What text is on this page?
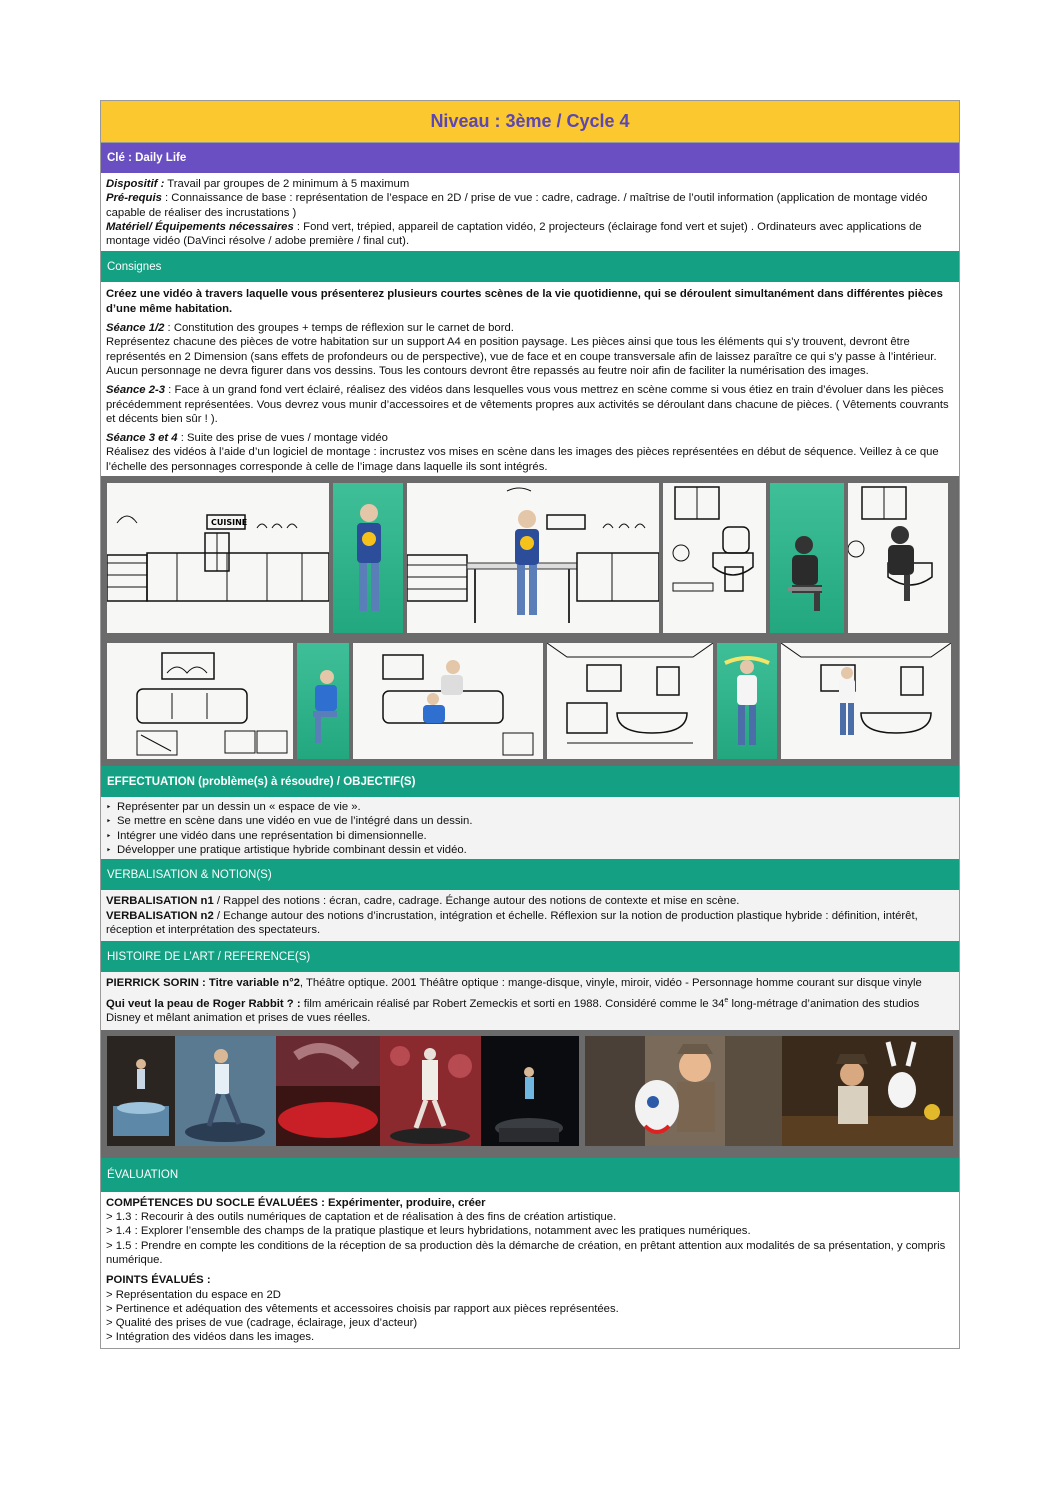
Niveau : 3ème / Cycle 4
Clé : Daily Life

Dispositif : Travail par groupes de 2 minimum à 5 maximum

Pré-requis : Connaissance de base : représentation de l’espace en 2D / prise de vue : cadre, cadrage. / maîtrise de l’outil information (application de montage vidéo capable de réaliser des incrustations )

Matériel/ Équipements nécessaires : Fond vert, trépied, appareil de captation vidéo, 2 projecteurs (éclairage fond vert et sujet) . Ordinateurs avec applications de montage vidéo (DaVinci résolve / adobe première / final cut).

Consignes

Créez une vidéo à travers laquelle vous présenterez plusieurs courtes scènes de la vie quotidienne, qui se déroulent simultanément dans différentes pièces d’une même habitation.

Séance 1/2 : Constitution des groupes + temps de réflexion sur le carnet de bord.

Représentez chacune des pièces de votre habitation sur un support A4 en position paysage. Les pièces ainsi que tous les éléments qui s’y trouvent, devront être représentés en 2 Dimension (sans effets de profondeurs ou de perspective), vue de face et en coupe transversale afin de laissez paraître ce qui s’y passe à l’intérieur.

Aucun personnage ne devra figurer dans vos dessins. Tous les contours devront être repassés au feutre noir afin de faciliter la numérisation des images.

Séance 2-3 : Face à un grand fond vert éclairé, réalisez des vidéos dans lesquelles vous vous mettrez en scène comme si vous étiez en train d’évoluer dans les pièces précédemment représentées. Vous devrez vous munir d’accessoires et de vêtements propres aux activités se déroulant dans chacune de pièces. ( Vêtements couvrants et décents bien sûr ! ).

Séance 3 et 4 : Suite des prise de vues / montage vidéo

Réalisez des vidéos à l’aide d’un logiciel de montage : incrustez vos mises en scène dans les images des pièces représentées en début de séquence. Veillez à ce que l’échelle des personnages corresponde à celle de l’image dans laquelle ils sont intégrés.

CUISINE
EFFECTUATION (problème(s) à résoudre) / OBJECTIF(S)
‣ Représenter par un dessin un « espace de vie ».
‣ Se mettre en scène dans une vidéo en vue de l’intégré dans un dessin.
‣ Intégrer une vidéo dans une représentation bi dimensionnelle.
‣ Développer une pratique artistique hybride combinant dessin et vidéo.
VERBALISATION & NOTION(S)

VERBALISATION n1 / Rappel des notions : écran, cadre, cadrage. Échange autour des notions de contexte et mise en scène.

VERBALISATION n2 / Echange autour des notions d’incrustation, intégration et échelle. Réflexion sur la notion de production plastique hybride : définition, intérêt, réception et interprétation des spectateurs.

HISTOIRE DE L’ART / REFERENCE(S)

PIERRICK SORIN : Titre variable n°2, Théâtre optique. 2001 Théâtre optique : mange-disque, vinyle, miroir, vidéo - Personnage homme courant sur disque vinyle

Qui veut la peau de Roger Rabbit ? : film américain réalisé par Robert Zemeckis et sorti en 1988. Considéré comme le 34e long-métrage d’animation des studios Disney et mêlant animation et prises de vues réelles.

ÉVALUATION

COMPÉTENCES DU SOCLE ÉVALUÉES : Expérimenter, produire, créer

> 1.3 : Recourir à des outils numériques de captation et de réalisation à des fins de création artistique.

> 1.4 : Explorer l’ensemble des champs de la pratique plastique et leurs hybridations, notamment avec les pratiques numériques.

> 1.5 : Prendre en compte les conditions de la réception de sa production dès la démarche de création, en prêtant attention aux modalités de sa présentation, y compris numérique.

POINTS ÉVALUÉS :

> Représentation du espace en 2D

> Pertinence et adéquation des vêtements et accessoires choisis par rapport aux pièces représentées.

> Qualité des prises de vue (cadrage, éclairage, jeux d’acteur)

> Intégration des vidéos dans les images.
